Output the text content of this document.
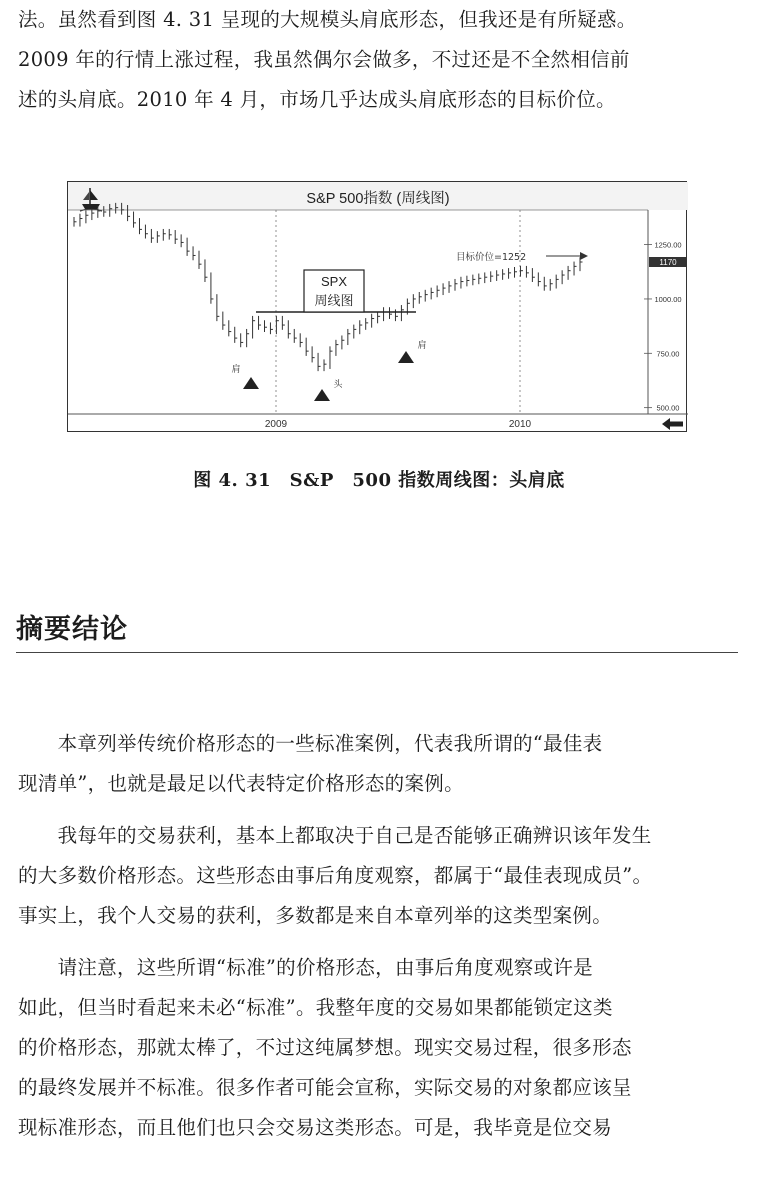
法。虽然看到图 4. 31 呈现的大规模头肩底形态，但我还是有所疑惑。
2009 年的行情上涨过程，我虽然偶尔会做多，不过还是不全然相信前
述的头肩底。2010 年 4 月，市场几乎达成头肩底形态的目标价位。
S&P 500指数 (周线图)
1250.00
1000.00
750.00
500.00
2009	2010
SPX
周线图
目标价位=1252	1170
肩
头
肩
图 4. 31　S&P　500 指数周线图：头肩底
摘要结论
　　本章列举传统价格形态的一些标准案例，代表我所谓的“最佳表
现清单”，也就是最足以代表特定价格形态的案例。
　　我每年的交易获利，基本上都取决于自己是否能够正确辨识该年发生
的大多数价格形态。这些形态由事后角度观察，都属于“最佳表现成员”。
事实上，我个人交易的获利，多数都是来自本章列举的这类型案例。
　　请注意，这些所谓“标准”的价格形态，由事后角度观察或许是
如此，但当时看起来未必“标准”。我整年度的交易如果都能锁定这类
的价格形态，那就太棒了，不过这纯属梦想。现实交易过程，很多形态
的最终发展并不标准。很多作者可能会宣称，实际交易的对象都应该呈
现标准形态，而且他们也只会交易这类形态。可是，我毕竟是位交易
